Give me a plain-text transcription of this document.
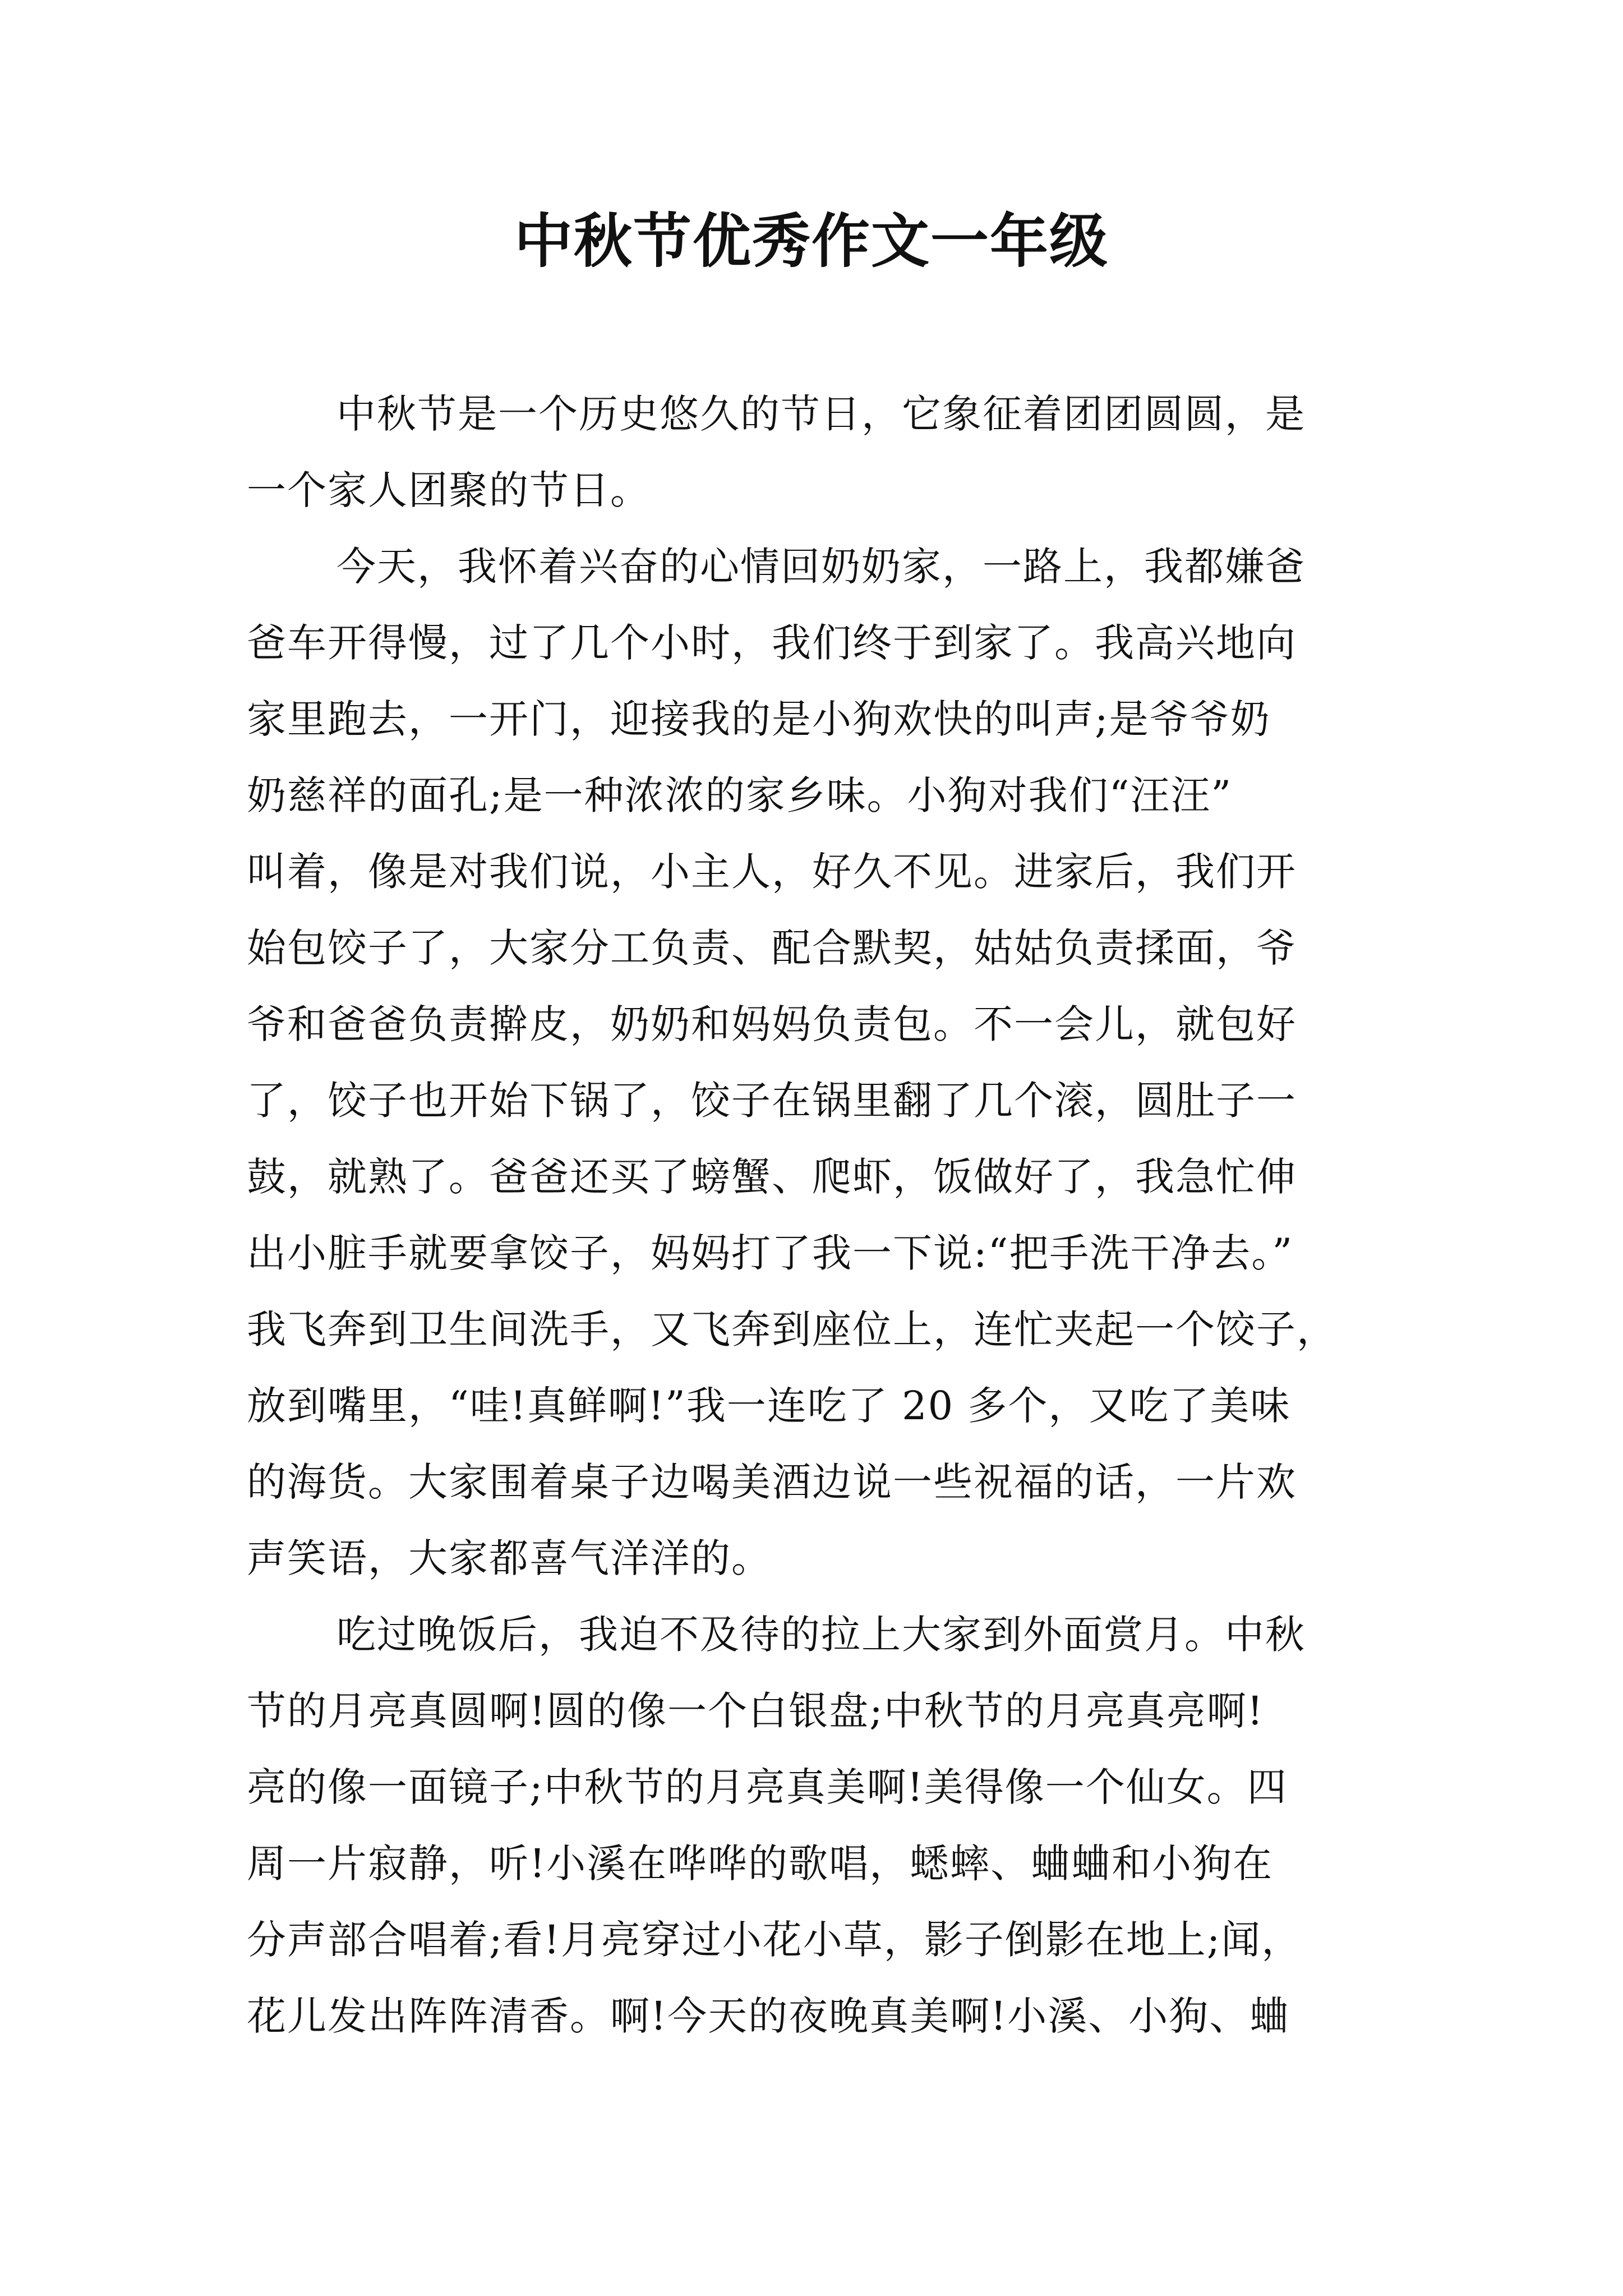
中秋节优秀作文一年级
中秋节是一个历史悠久的节日，它象征着团团圆圆，是
一个家人团聚的节日。
今天，我怀着兴奋的心情回奶奶家，一路上，我都嫌爸
爸车开得慢，过了几个小时，我们终于到家了。我高兴地向
家里跑去，一开门，迎接我的是小狗欢快的叫声;是爷爷奶
奶慈祥的面孔;是一种浓浓的家乡味。小狗对我们“汪汪”
叫着，像是对我们说，小主人，好久不见。进家后，我们开
始包饺子了，大家分工负责、配合默契，姑姑负责揉面，爷
爷和爸爸负责擀皮，奶奶和妈妈负责包。不一会儿，就包好
了，饺子也开始下锅了，饺子在锅里翻了几个滚，圆肚子一
鼓，就熟了。爸爸还买了螃蟹、爬虾，饭做好了，我急忙伸
出小脏手就要拿饺子，妈妈打了我一下说:“把手洗干净去。”
我飞奔到卫生间洗手，又飞奔到座位上，连忙夹起一个饺子，
放到嘴里，“哇!真鲜啊!”我一连吃了 20 多个，又吃了美味
的海货。大家围着桌子边喝美酒边说一些祝福的话，一片欢
声笑语，大家都喜气洋洋的。
吃过晚饭后，我迫不及待的拉上大家到外面赏月。中秋
节的月亮真圆啊!圆的像一个白银盘;中秋节的月亮真亮啊!
亮的像一面镜子;中秋节的月亮真美啊!美得像一个仙女。四
周一片寂静，听!小溪在哗哗的歌唱，蟋蟀、蛐蛐和小狗在
分声部合唱着;看!月亮穿过小花小草，影子倒影在地上;闻，
花儿发出阵阵清香。啊!今天的夜晚真美啊!小溪、小狗、蛐
